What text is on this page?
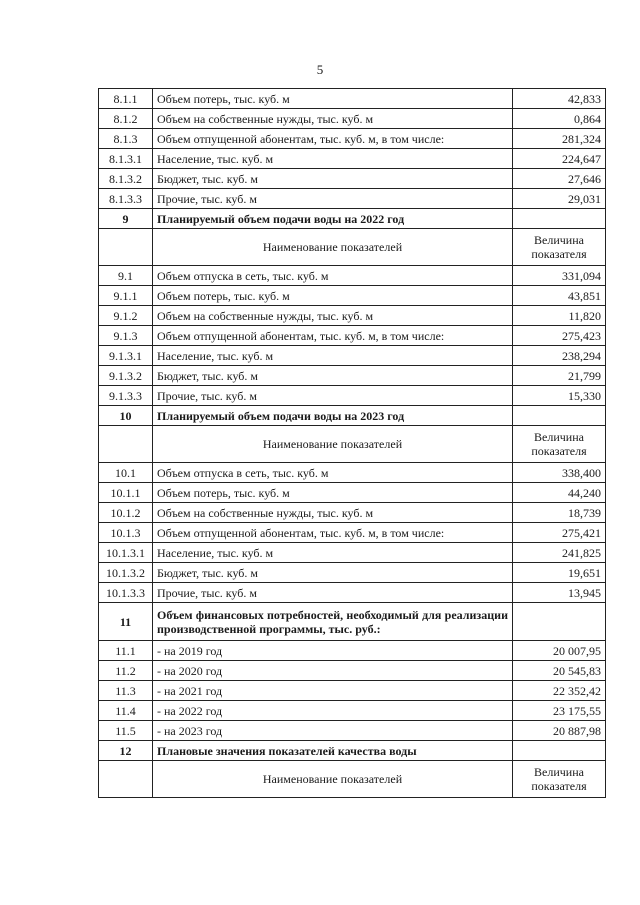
5
8.1.1	Объем потерь, тыс. куб. м	42,833
8.1.2	Объем на собственные нужды, тыс. куб. м	0,864
8.1.3	Объем отпущенной абонентам, тыс. куб. м, в том числе:	281,324
8.1.3.1	Население, тыс. куб. м	224,647
8.1.3.2	Бюджет, тыс. куб. м	27,646
8.1.3.3	Прочие, тыс. куб. м	29,031
9	Планируемый объем подачи воды на 2022 год	
	Наименование показателей	Величина показателя
9.1	Объем отпуска в сеть, тыс. куб. м	331,094
9.1.1	Объем потерь, тыс. куб. м	43,851
9.1.2	Объем на собственные нужды, тыс. куб. м	11,820
9.1.3	Объем отпущенной абонентам, тыс. куб. м, в том числе:	275,423
9.1.3.1	Население, тыс. куб. м	238,294
9.1.3.2	Бюджет, тыс. куб. м	21,799
9.1.3.3	Прочие, тыс. куб. м	15,330
10	Планируемый объем подачи воды на 2023 год	
	Наименование показателей	Величина показателя
10.1	Объем отпуска в сеть, тыс. куб. м	338,400
10.1.1	Объем потерь, тыс. куб. м	44,240
10.1.2	Объем на собственные нужды, тыс. куб. м	18,739
10.1.3	Объем отпущенной абонентам, тыс. куб. м, в том числе:	275,421
10.1.3.1	Население, тыс. куб. м	241,825
10.1.3.2	Бюджет, тыс. куб. м	19,651
10.1.3.3	Прочие, тыс. куб. м	13,945
11	Объем финансовых потребностей, необходимый для реализации производственной программы, тыс. руб.:	
11.1	- на 2019 год	20 007,95
11.2	- на 2020 год	20 545,83
11.3	- на 2021 год	22 352,42
11.4	- на 2022 год	23 175,55
11.5	- на 2023 год	20 887,98
12	Плановые значения показателей качества воды	
	Наименование показателей	Величина показателя
